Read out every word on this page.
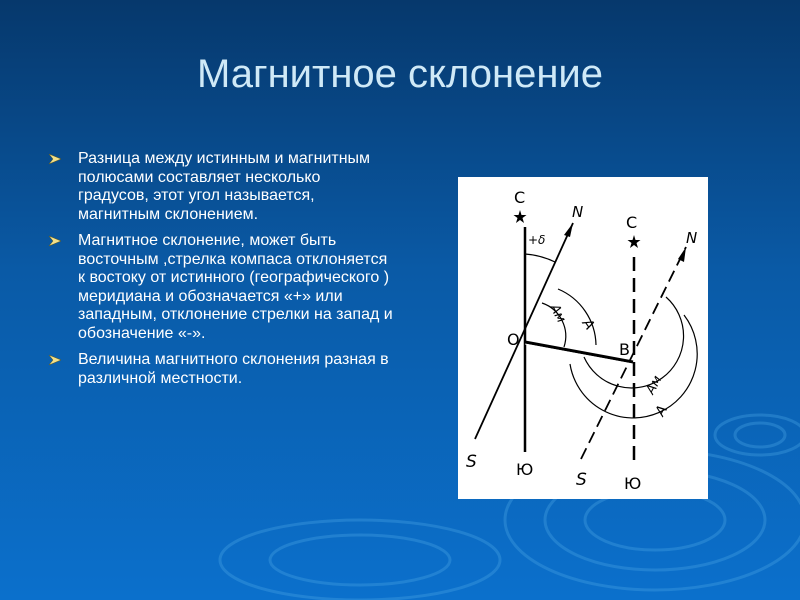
Магнитное склонение
Разница между истинным и магнитным полюсами составляет несколько градусов, этот угол называется, магнитным склонением.
Магнитное склонение, может быть восточным ,стрелка компаса отклоняется к востоку от истинного (географического ) меридиана и обозначается «+» или западным, отклонение стрелки на запад и обозначение «-».
Величина магнитного склонения разная в различной местности.
С
С
N
N
+δ
А
Ам
О
В
Ам
А
S Ю
S Ю
